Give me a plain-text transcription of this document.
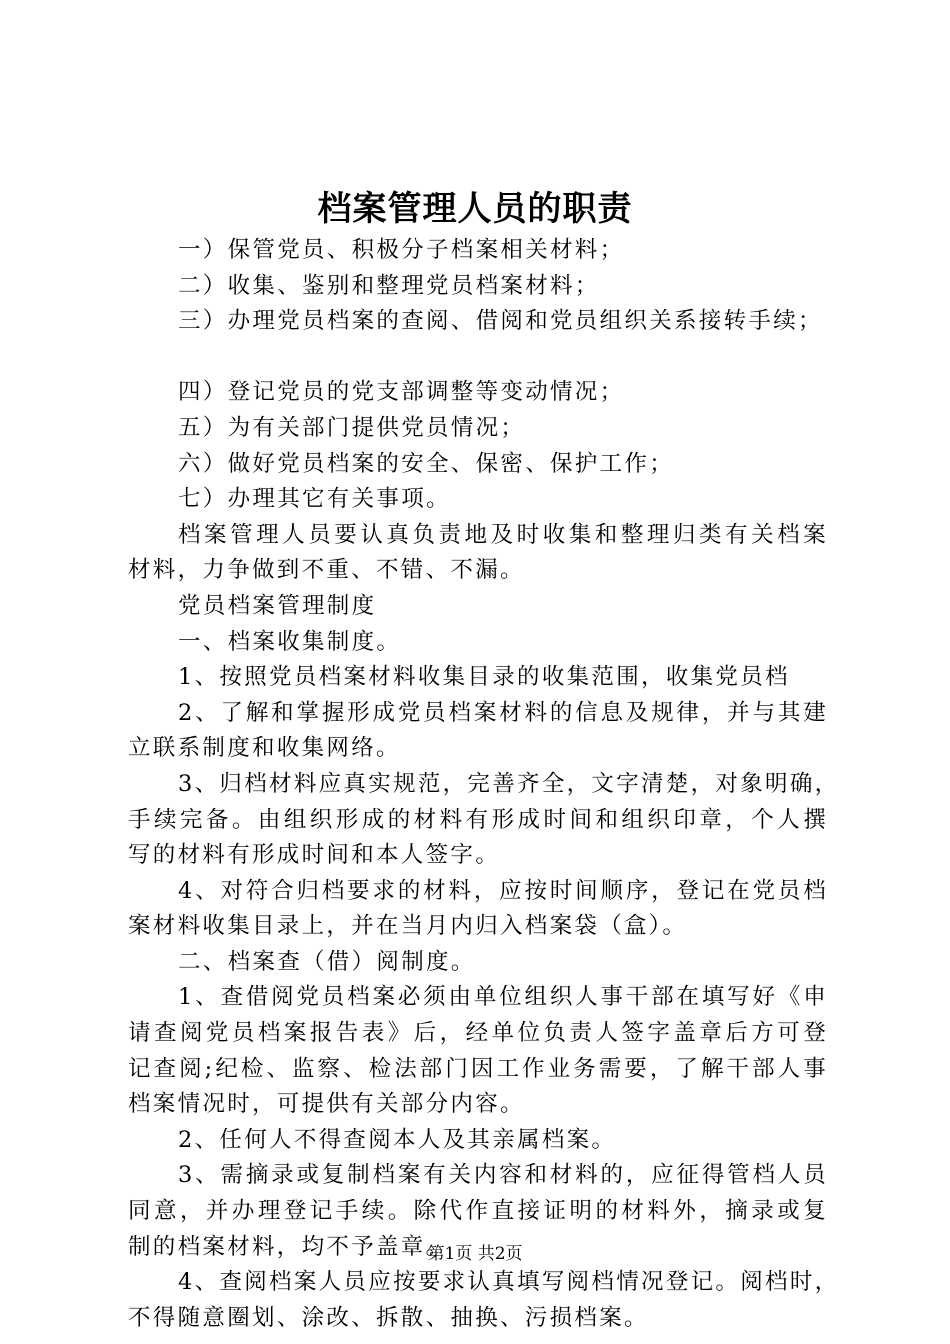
档案管理人员的职责
一）保管党员、积极分子档案相关材料；
二）收集、鉴别和整理党员档案材料；
三）办理党员档案的查阅、借阅和党员组织关系接转手续；
四）登记党员的党支部调整等变动情况；
五）为有关部门提供党员情况；
六）做好党员档案的安全、保密、保护工作；
七）办理其它有关事项。
档案管理人员要认真负责地及时收集和整理归类有关档案
材料，力争做到不重、不错、不漏。
党员档案管理制度
一、档案收集制度。
1、按照党员档案材料收集目录的收集范围，收集党员档
2、了解和掌握形成党员档案材料的信息及规律，并与其建
立联系制度和收集网络。
3、归档材料应真实规范，完善齐全，文字清楚，对象明确，
手续完备。由组织形成的材料有形成时间和组织印章，个人撰
写的材料有形成时间和本人签字。
4、对符合归档要求的材料，应按时间顺序，登记在党员档
案材料收集目录上，并在当月内归入档案袋（盒）。
二、档案查（借）阅制度。
1、查借阅党员档案必须由单位组织人事干部在填写好《申
请查阅党员档案报告表》后，经单位负责人签字盖章后方可登
记查阅;纪检、监察、检法部门因工作业务需要，了解干部人事
档案情况时，可提供有关部分内容。
2、任何人不得查阅本人及其亲属档案。
3、需摘录或复制档案有关内容和材料的，应征得管档人员
同意，并办理登记手续。除代作直接证明的材料外，摘录或复
制的档案材料，均不予盖章。
4、查阅档案人员应按要求认真填写阅档情况登记。阅档时，
不得随意圈划、涂改、拆散、抽换、污损档案。
第1页 共2页
